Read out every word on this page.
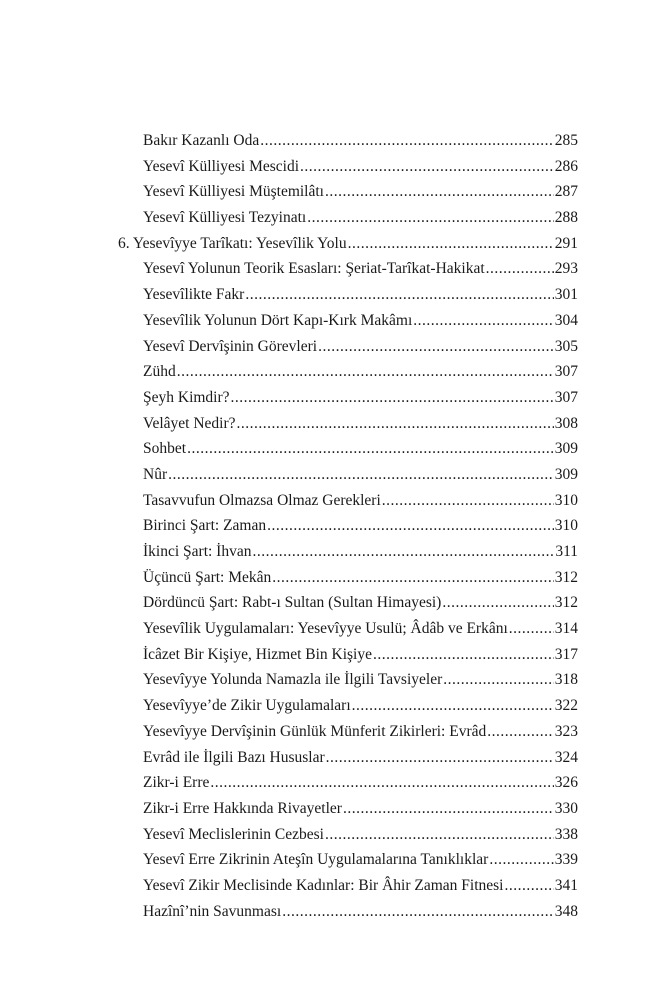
Bakır Kazanlı Oda .....	285
Yesevî Külliyesi Mescidi .....	286
Yesevî Külliyesi Müştemilâtı .....	287
Yesevî Külliyesi Tezyinatı .....	288
6. Yesevîyye Tarîkatı: Yesevîlik Yolu .....	291
Yesevî Yolunun Teorik Esasları: Şeriat-Tarîkat-Hakikat .....	293
Yesevîlikte Fakr .....	301
Yesevîlik Yolunun Dört Kapı-Kırk Makâmı .....	304
Yesevî Dervîşinin Görevleri .....	305
Zühd .....	307
Şeyh Kimdir? .....	307
Velâyet Nedir? .....	308
Sohbet .....	309
Nûr .....	309
Tasavvufun Olmazsa Olmaz Gerekleri .....	310
Birinci Şart: Zaman .....	310
İkinci Şart: İhvan .....	311
Üçüncü Şart: Mekân .....	312
Dördüncü Şart: Rabt-ı Sultan (Sultan Himayesi) .....	312
Yesevîlik Uygulamaları: Yesevîyye Usulü; Âdâb ve Erkânı .....	314
İcâzet Bir Kişiye, Hizmet Bin Kişiye .....	317
Yesevîyye Yolunda Namazla ile İlgili Tavsiyeler .....	318
Yesevîyye’de Zikir Uygulamaları .....	322
Yesevîyye Dervîşinin Günlük Münferit Zikirleri: Evrâd .....	323
Evrâd ile İlgili Bazı Hususlar .....	324
Zikr-i Erre .....	326
Zikr-i Erre Hakkında Rivayetler .....	330
Yesevî Meclislerinin Cezbesi .....	338
Yesevî Erre Zikrinin Ateşîn Uygulamalarına Tanıklıklar .....	339
Yesevî Zikir Meclisinde Kadınlar: Bir Âhir Zaman Fitnesi .....	341
Hazînî’nin Savunması .....	348
